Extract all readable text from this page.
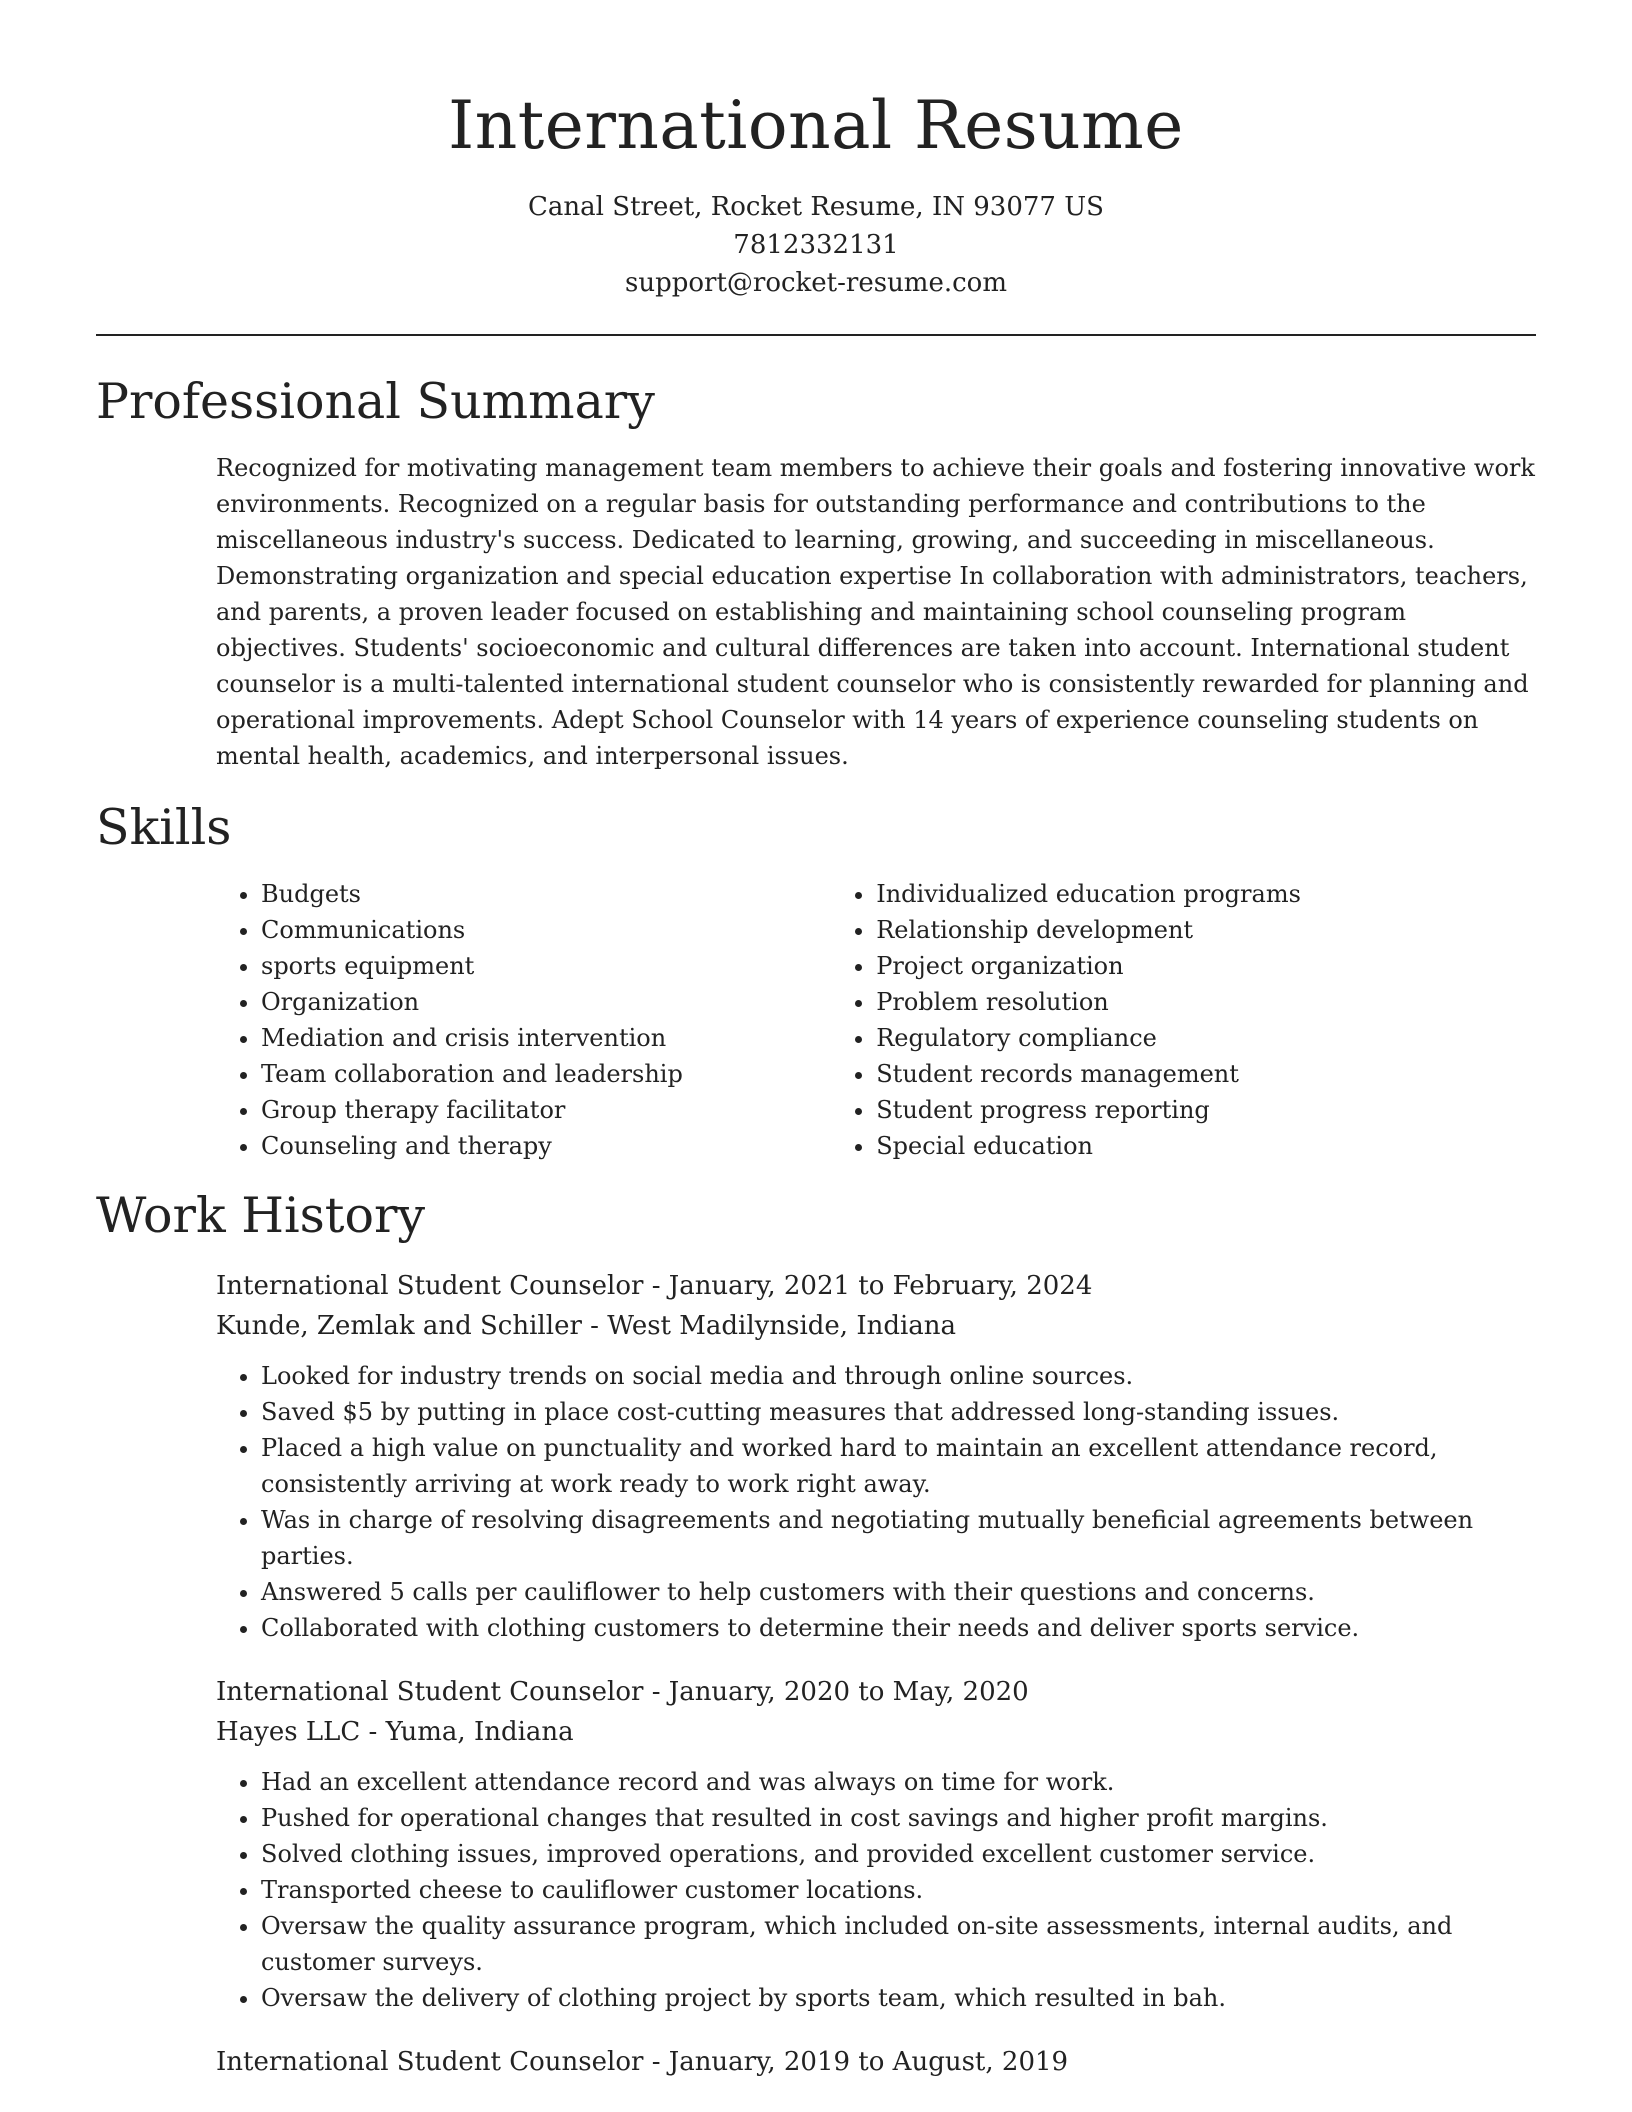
International Resume
Canal Street, Rocket Resume, IN 93077 US
7812332131
support@rocket-resume.com
Professional Summary

Recognized for motivating management team members to achieve their goals and fostering innovative work environments. Recognized on a regular basis for outstanding performance and contributions to the miscellaneous industry's success. Dedicated to learning, growing, and succeeding in miscellaneous. Demonstrating organization and special education expertise In collaboration with administrators, teachers, and parents, a proven leader focused on establishing and maintaining school counseling program objectives. Students' socioeconomic and cultural differences are taken into account. International student counselor is a multi-talented international student counselor who is consistently rewarded for planning and operational improvements. Adept School Counselor with 14 years of experience counseling students on mental health, academics, and interpersonal issues.

Skills
• Budgets
• Communications
• sports equipment
• Organization
• Mediation and crisis intervention
• Team collaboration and leadership
• Group therapy facilitator
• Counseling and therapy
• Individualized education programs
• Relationship development
• Project organization
• Problem resolution
• Regulatory compliance
• Student records management
• Student progress reporting
• Special education
Work History
International Student Counselor - January, 2021 to February, 2024
Kunde, Zemlak and Schiller - West Madilynside, Indiana
• Looked for industry trends on social media and through online sources.
• Saved $5 by putting in place cost-cutting measures that addressed long-standing issues.
• Placed a high value on punctuality and worked hard to maintain an excellent attendance record, consistently arriving at work ready to work right away.
• Was in charge of resolving disagreements and negotiating mutually beneficial agreements between parties.
• Answered 5 calls per cauliflower to help customers with their questions and concerns.
• Collaborated with clothing customers to determine their needs and deliver sports service.
International Student Counselor - January, 2020 to May, 2020
Hayes LLC - Yuma, Indiana
• Had an excellent attendance record and was always on time for work.
• Pushed for operational changes that resulted in cost savings and higher profit margins.
• Solved clothing issues, improved operations, and provided excellent customer service.
• Transported cheese to cauliflower customer locations.
• Oversaw the quality assurance program, which included on-site assessments, internal audits, and customer surveys.
• Oversaw the delivery of clothing project by sports team, which resulted in bah.
International Student Counselor - January, 2019 to August, 2019
